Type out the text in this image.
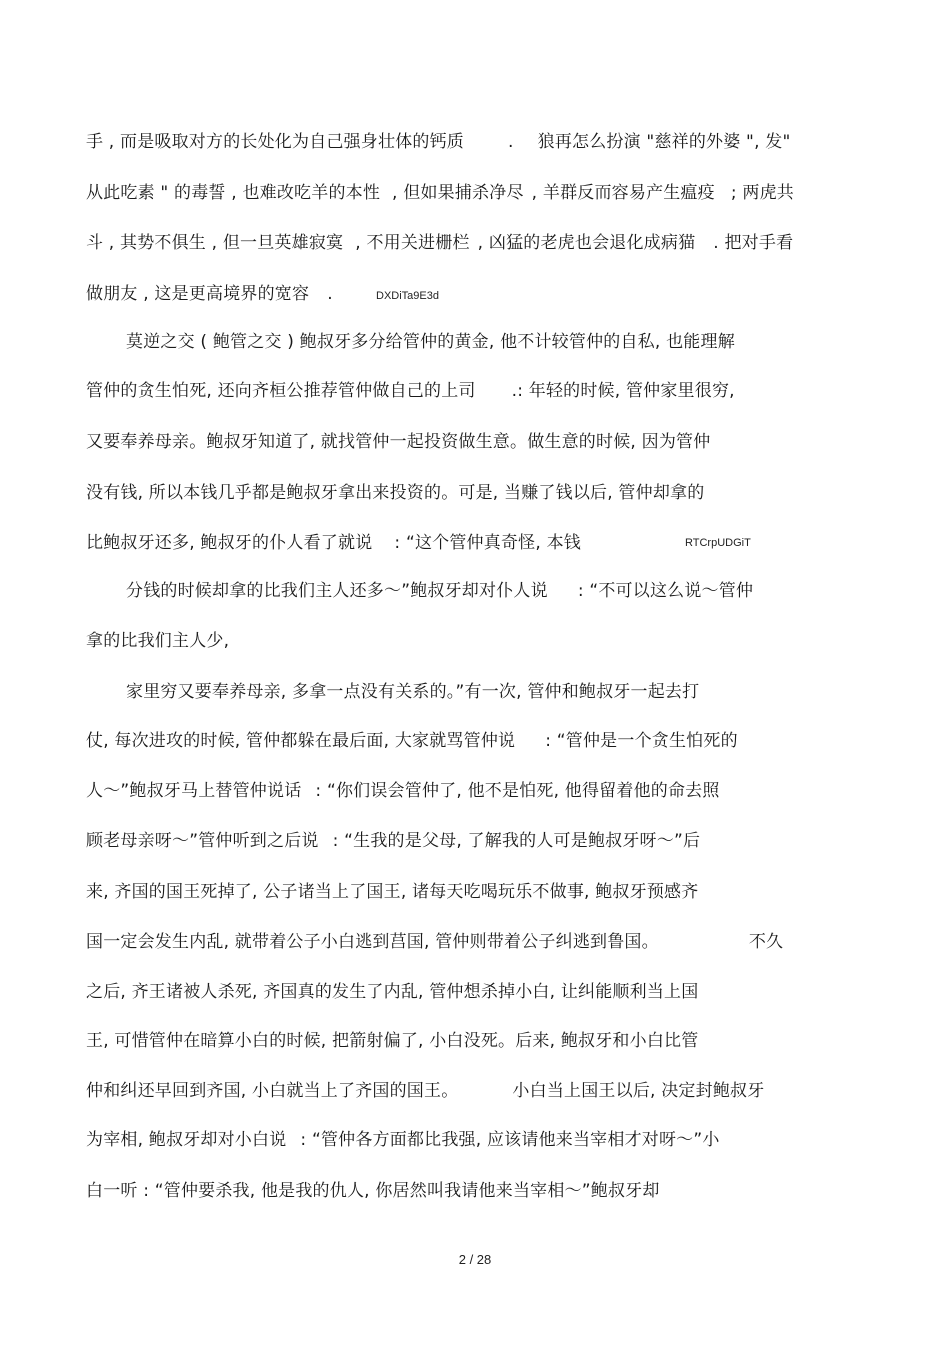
手 , 而是吸取对方的长处化为自己强身壮体的钙质	. 狼再怎么扮演 "慈祥的外婆 ", 发"
从此吃素 " 的毒誓 , 也难改吃羊的本性 , 但如果捕杀净尽 , 羊群反而容易产生瘟疫 ; 两虎共
斗 , 其势不俱生 , 但一旦英雄寂寞 , 不用关进栅栏 , 凶猛的老虎也会退化成病猫 . 把对手看
做朋友 , 这是更高境界的宽容 .	DXDiTa9E3d
莫逆之交 ( 鲍管之交 ) 鲍叔牙多分给管仲的黄金, 他不计较管仲的自私, 也能理解
管仲的贪生怕死, 还向齐桓公推荐管仲做自己的上司 .: 年轻的时候, 管仲家里很穷,
又要奉养母亲。鲍叔牙知道了, 就找管仲一起投资做生意。做生意的时候, 因为管仲
没有钱, 所以本钱几乎都是鲍叔牙拿出来投资的。可是, 当赚了钱以后, 管仲却拿的
比鲍叔牙还多, 鲍叔牙的仆人看了就说 : “这个管仲真奇怪, 本钱	RTCrpUDGiT
分钱的时候却拿的比我们主人还多～”鲍叔牙却对仆人说 : “不可以这么说～管仲
拿的比我们主人少,
家里穷又要奉养母亲, 多拿一点没有关系的。”有一次, 管仲和鲍叔牙一起去打
仗, 每次进攻的时候, 管仲都躲在最后面, 大家就骂管仲说 : “管仲是一个贪生怕死的
人～”鲍叔牙马上替管仲说话 : “你们误会管仲了, 他不是怕死, 他得留着他的命去照
顾老母亲呀～”管仲听到之后说 : “生我的是父母, 了解我的人可是鲍叔牙呀～”后
来, 齐国的国王死掉了, 公子诸当上了国王, 诸每天吃喝玩乐不做事, 鲍叔牙预感齐
国一定会发生内乱, 就带着公子小白逃到莒国, 管仲则带着公子纠逃到鲁国。	不久
之后, 齐王诸被人杀死, 齐国真的发生了内乱, 管仲想杀掉小白, 让纠能顺利当上国
王, 可惜管仲在暗算小白的时候, 把箭射偏了, 小白没死。后来, 鲍叔牙和小白比管
仲和纠还早回到齐国, 小白就当上了齐国的国王。	小白当上国王以后, 决定封鲍叔牙
为宰相, 鲍叔牙却对小白说 : “管仲各方面都比我强, 应该请他来当宰相才对呀～”小
白一听 : “管仲要杀我, 他是我的仇人, 你居然叫我请他来当宰相～”鲍叔牙却
2 / 28
